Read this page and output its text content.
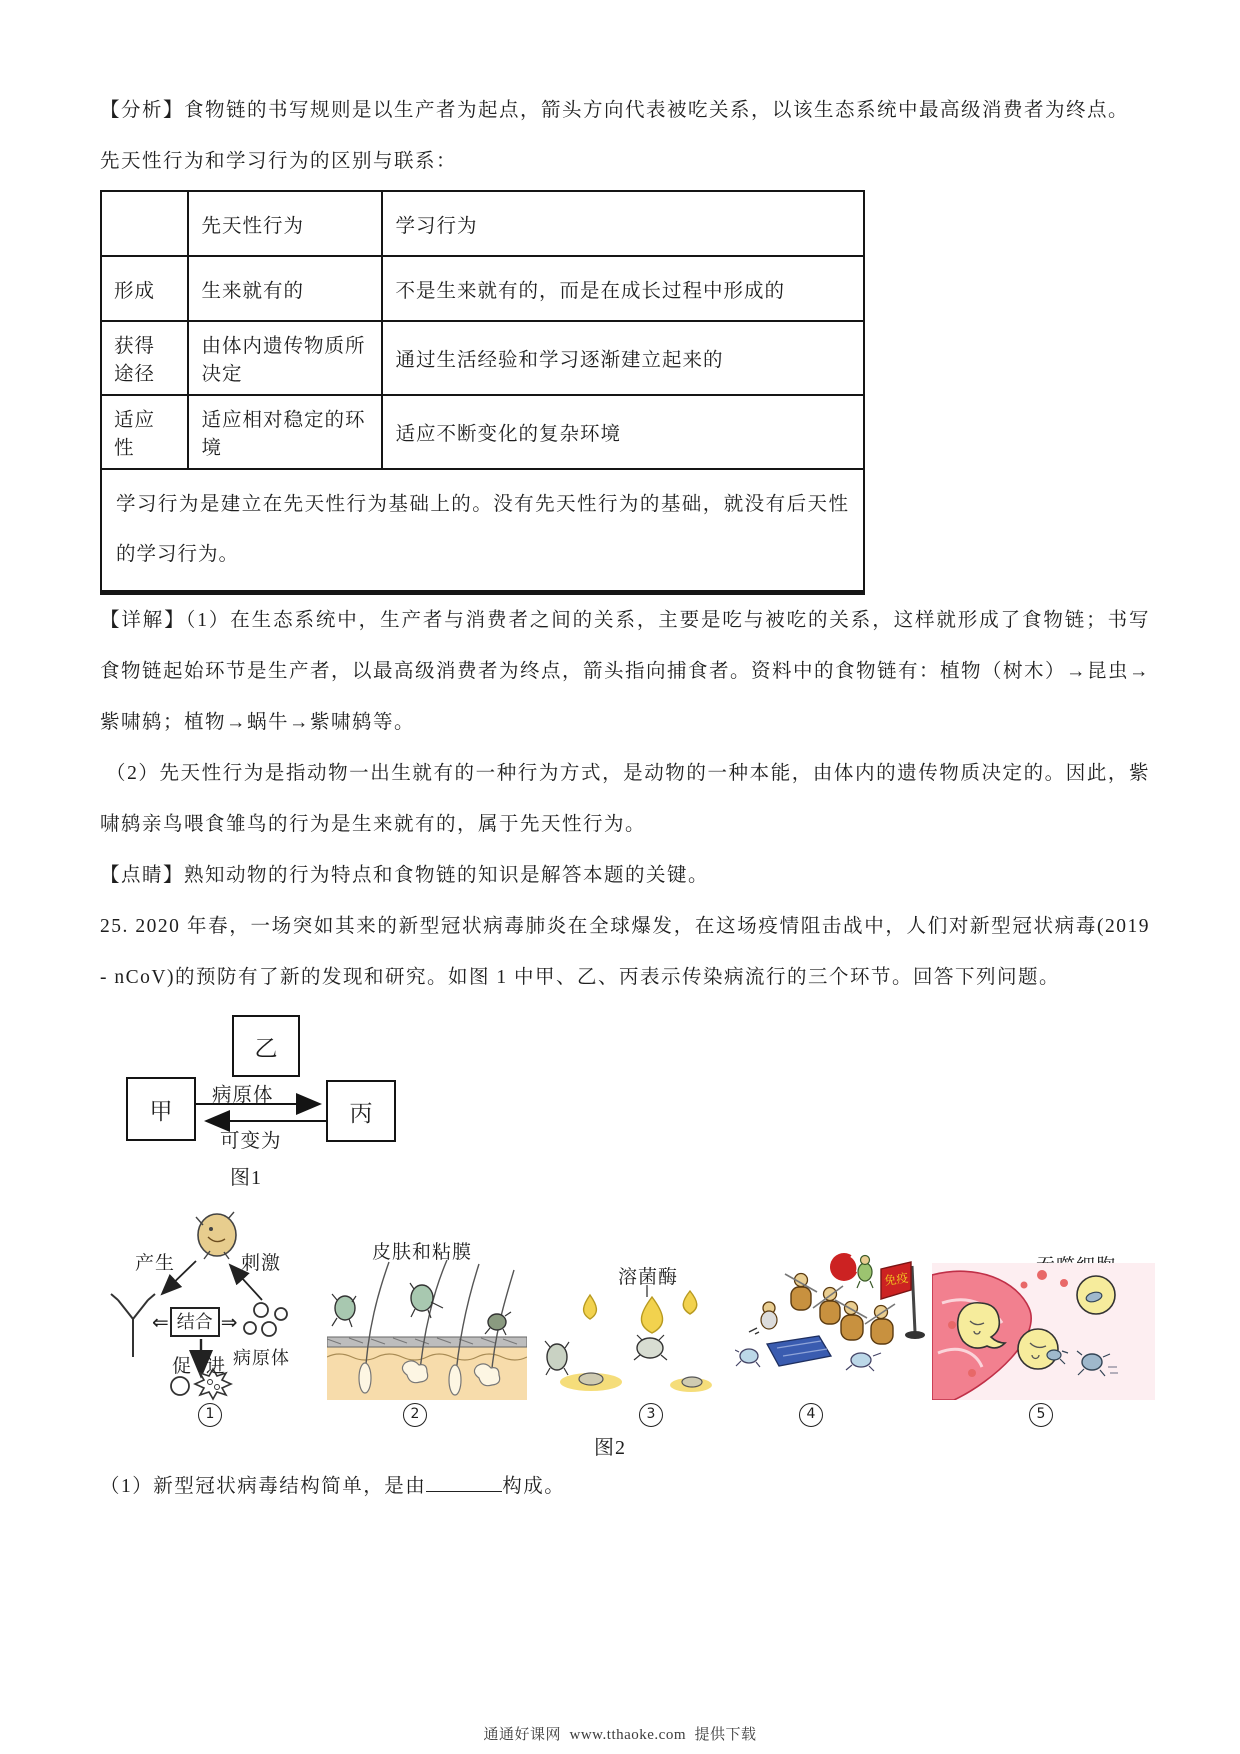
【分析】食物链的书写规则是以生产者为起点，箭头方向代表被吃关系，以该生态系统中最高级消费者为终点。

先天性行为和学习行为的区别与联系：

	先天性行为	学习行为
形成	生来就有的	不是生来就有的，而是在成长过程中形成的
获得途径	由体内遗传物质所决定	通过生活经验和学习逐渐建立起来的
适应性	适应相对稳定的环境	适应不断变化的复杂环境
学习行为是建立在先天性行为基础上的。没有先天性行为的基础，就没有后天性的学习行为。		

【详解】（1）在生态系统中，生产者与消费者之间的关系，主要是吃与被吃的关系，这样就形成了食物链；书写食物链起始环节是生产者，以最高级消费者为终点，箭头指向捕食者。资料中的食物链有：植物（树木）→昆虫→紫啸鸫；植物→蜗牛→紫啸鸫等。

（2）先天性行为是指动物一出生就有的一种行为方式，是动物的一种本能，由体内的遗传物质决定的。因此，紫啸鸫亲鸟喂食雏鸟的行为是生来就有的，属于先天性行为。

【点睛】熟知动物的行为特点和食物链的知识是解答本题的关键。

25. 2020 年春，一场突如其来的新型冠状病毒肺炎在全球爆发，在这场疫情阻击战中，人们对新型冠状病毒(2019 - nCoV)的预防有了新的发现和研究。如图 1 中甲、乙、丙表示传染病流行的三个环节。回答下列问题。

乙
甲	丙
病原体
可变为
图1
产生	刺激
⇐ 结合 ⇒
病原体
促进
皮肤和粘膜
溶菌酶	免疫
1	2	3	4	5
图2

（1）新型冠状病毒结构简单，是由	构成。

通通好课网  www.tthaoke.com  提供下载
